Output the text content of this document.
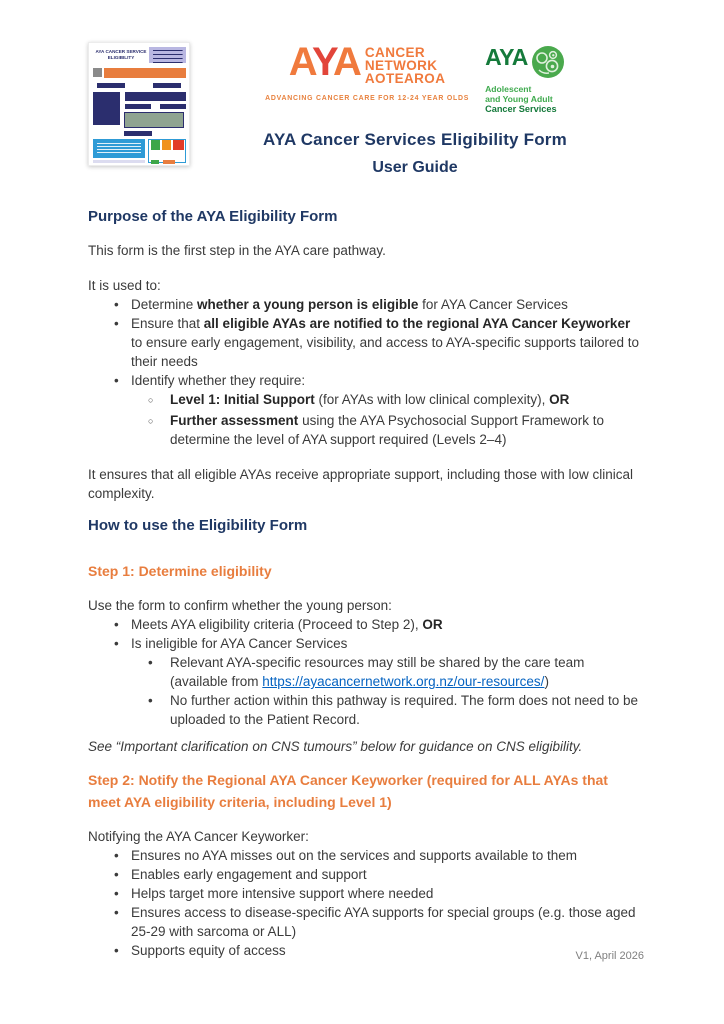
AYA CANCER SERVICE ELIGIBILITY	AYA CANCER
NETWORK
AOTEAROA
ADVANCING CANCER CARE FOR 12-24 YEAR OLDS
AYA
Adolescent
and Young Adult
Cancer Services
AYA Cancer Services Eligibility Form
User Guide
Purpose of the AYA Eligibility Form

This form is the first step in the AYA care pathway.

It is used to:

•
Determine whether a young person is eligible for AYA Cancer Services
•
Ensure that all eligible AYAs are notified to the regional AYA Cancer Keyworker to ensure early engagement, visibility, and access to AYA-specific supports tailored to their needs
•
Identify whether they require:
○
Level 1: Initial Support (for AYAs with low clinical complexity), OR
○
Further assessment using the AYA Psychosocial Support Framework to determine the level of AYA support required (Levels 2–4)

It ensures that all eligible AYAs receive appropriate support, including those with low clinical complexity.

How to use the Eligibility Form
Step 1: Determine eligibility

Use the form to confirm whether the young person:

•
Meets AYA eligibility criteria (Proceed to Step 2), OR
•
Is ineligible for AYA Cancer Services
•
Relevant AYA-specific resources may still be shared by the care team (available from https://ayacancernetwork.org.nz/our-resources/)
•
No further action within this pathway is required. The form does not need to be uploaded to the Patient Record.

See “Important clarification on CNS tumours” below for guidance on CNS eligibility.

Step 2: Notify the Regional AYA Cancer Keyworker (required for ALL AYAs that meet AYA eligibility criteria, including Level 1)

Notifying the AYA Cancer Keyworker:

•
Ensures no AYA misses out on the services and supports available to them
•
Enables early engagement and support
•
Helps target more intensive support where needed
•
Ensures access to disease-specific AYA supports for special groups (e.g. those aged 25-29 with sarcoma or ALL)
•
Supports equity of access	V1, April 2026
